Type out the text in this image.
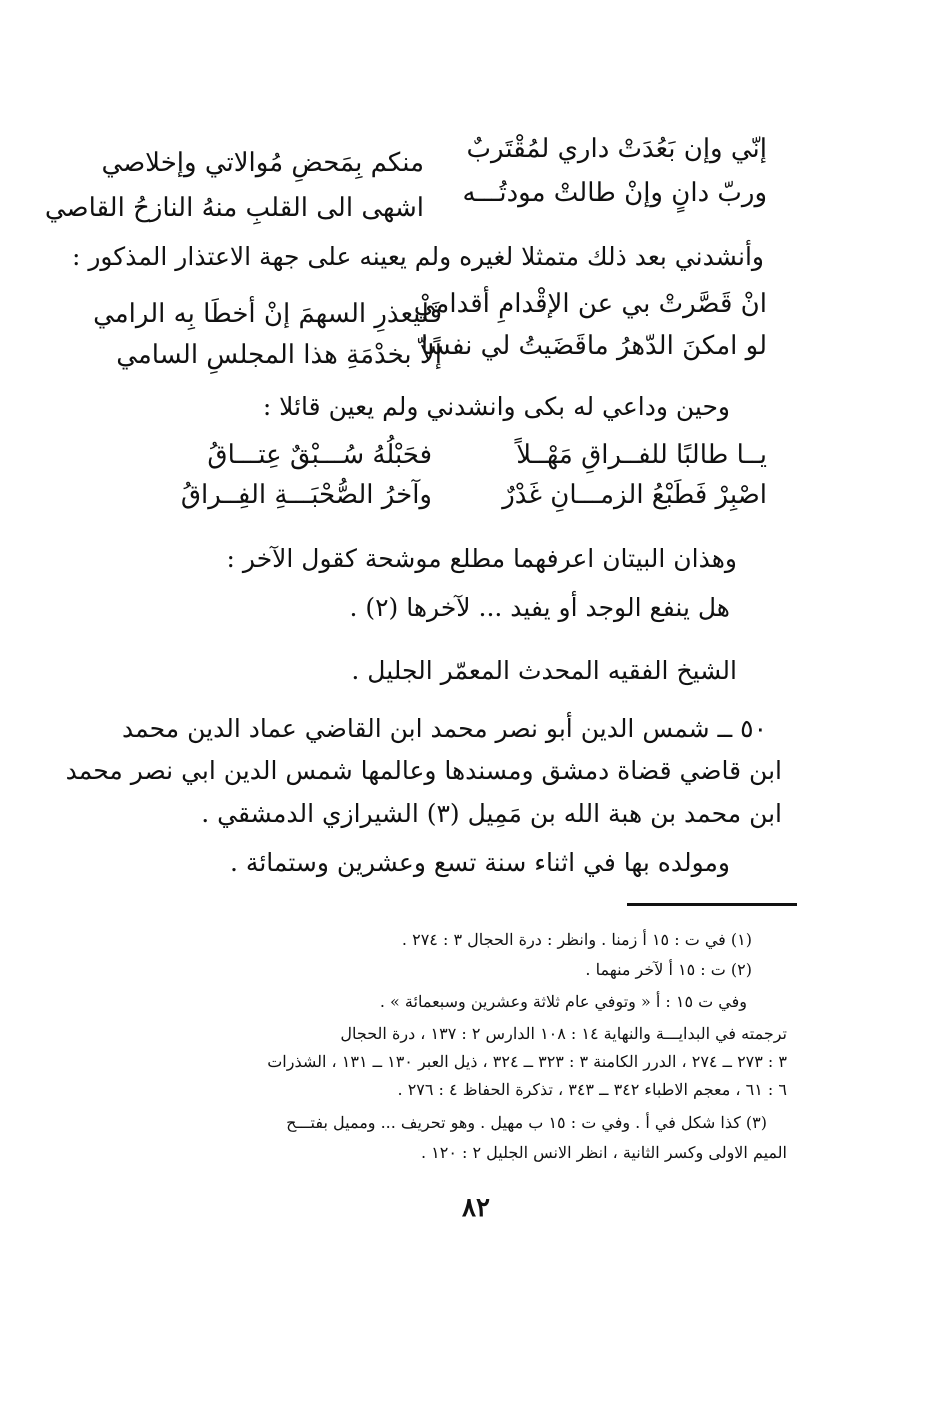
إنّي وإن بَعُدَتْ داري لمُقْتَربٌ
منكم بِمَحضِ مُوالاتي وإخلاصي
وربّ دانٍ وإنْ طالتْ مودتُـــه
اشهى الى القلبِ منهُ النازحُ القاصي
وأنشدني بعد ذلك متمثلا لغيره ولم يعينه على جهة الاعتذار المذكور :
انْ قَصَّرتْ بي عن الإقْدامِ أقدامي
فَلْيعذرِ السهمَ إنْ أخطَا بِه الرامي
لو امكنَ الدّهرُ ماقَضَيتُ لي نفسًا
إلاّ بخدْمَةِ هذا المجلسِ السامي
وحين وداعي له بكى وانشدني ولم يعين قائلا :
يــا طالبًا للفــراقِ مَهْــلاً
فحَبْلُهُ سُـــبْقٌ عِتـــاقُ
اصْبِرْ فَطَبْعُ الزمـــانِ غَدْرٌ
وآخرُ الصُّحْبَـــةِ الفِــراقُ
وهذان البيتان اعرفهما مطلع موشحة كقول الآخر :
هل ينفع الوجد أو يفيد ... لآخرها (٢) .
الشيخ الفقيه المحدث المعمّر الجليل .
٥٠ ــ شمس الدين أبو نصر محمد ابن القاضي عماد الدين محمد
ابن قاضي قضاة دمشق ومسندها وعالمها شمس الدين ابي نصر محمد
ابن محمد بن هبة الله بن مَمِيل (٣) الشيرازي الدمشقي .
ومولده بها في اثناء سنة تسع وعشرين وستمائة .
(١) في ت : ١٥ أ زمنا . وانظر : درة الحجال ٣ : ٢٧٤ .
(٢) ت : ١٥ أ لآخر منهما .
وفي ت ١٥ : أ « وتوفي عام ثلاثة وعشرين وسبعمائة » .
ترجمته في البدايـــة والنهاية ١٤ : ١٠٨ الدارس ٢ : ١٣٧ ، درة الحجال
٣ : ٢٧٣ ــ ٢٧٤ ، الدرر الكامنة ٣ : ٣٢٣ ــ ٣٢٤ ، ذيل العبر ١٣٠ ــ ١٣١ ، الشذرات
٦ : ٦١ ، معجم الاطباء ٣٤٢ ــ ٣٤٣ ، تذكرة الحفاظ ٤ : ٢٧٦ .
(٣) كذا شكل في أ . وفي ت : ١٥ ب مهيل . وهو تحريف ... ومميل بفتـــح
الميم الاولى وكسر الثانية ، انظر الانس الجليل ٢ : ١٢٠ .
٨٢
